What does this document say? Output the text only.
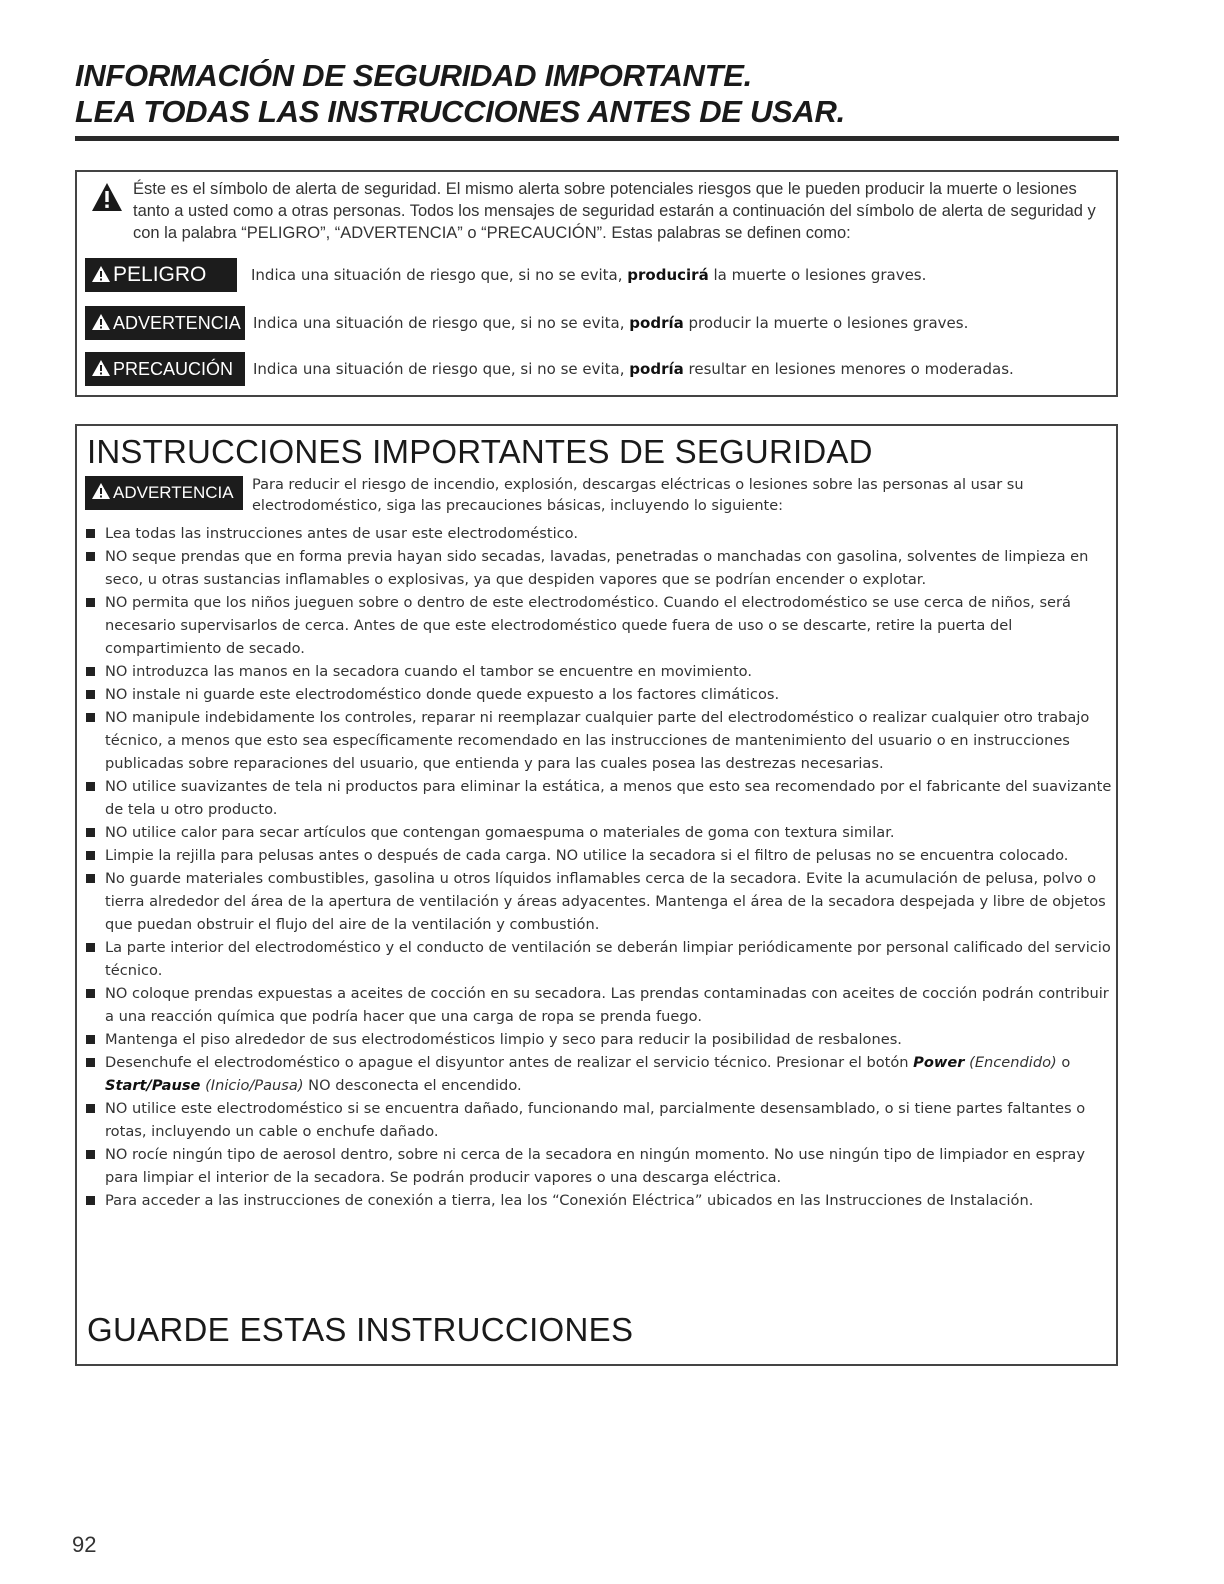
INFORMACIÓN DE SEGURIDAD IMPORTANTE.
LEA TODAS LAS INSTRUCCIONES ANTES DE USAR.
Éste es el símbolo de alerta de seguridad. El mismo alerta sobre potenciales riesgos que le pueden producir la muerte o lesiones tanto a usted como a otras personas. Todos los mensajes de seguridad estarán a continuación del símbolo de alerta de seguridad y con la palabra “PELIGRO”, “ADVERTENCIA” o “PRECAUCIÓN”. Estas palabras se definen como:
PELIGRO	Indica una situación de riesgo que, si no se evita, producirá la muerte o lesiones graves.
ADVERTENCIA Indica una situación de riesgo que, si no se evita, podría producir la muerte o lesiones graves.
PRECAUCIÓN	Indica una situación de riesgo que, si no se evita, podría resultar en lesiones menores o moderadas.
INSTRUCCIONES IMPORTANTES DE SEGURIDAD
ADVERTENCIA	Para reducir el riesgo de incendio, explosión, descargas eléctricas o lesiones sobre las personas al usar su electrodoméstico, siga las precauciones básicas, incluyendo lo siguiente:
Lea todas las instrucciones antes de usar este electrodoméstico.
NO seque prendas que en forma previa hayan sido secadas, lavadas, penetradas o manchadas con gasolina, solventes de limpieza en seco, u otras sustancias inflamables o explosivas, ya que despiden vapores que se podrían encender o explotar.
NO permita que los niños jueguen sobre o dentro de este electrodoméstico. Cuando el electrodoméstico se use cerca de niños, será necesario supervisarlos de cerca. Antes de que este electrodoméstico quede fuera de uso o se descarte, retire la puerta del compartimiento de secado.
NO introduzca las manos en la secadora cuando el tambor se encuentre en movimiento.
NO instale ni guarde este electrodoméstico donde quede expuesto a los factores climáticos.
NO manipule indebidamente los controles, reparar ni reemplazar cualquier parte del electrodoméstico o realizar cualquier otro trabajo técnico, a menos que esto sea específicamente recomendado en las instrucciones de mantenimiento del usuario o en instrucciones publicadas sobre reparaciones del usuario, que entienda y para las cuales posea las destrezas necesarias.
NO utilice suavizantes de tela ni productos para eliminar la estática, a menos que esto sea recomendado por el fabricante del suavizante de tela u otro producto.
NO utilice calor para secar artículos que contengan gomaespuma o materiales de goma con textura similar.
Limpie la rejilla para pelusas antes o después de cada carga. NO utilice la secadora si el filtro de pelusas no se encuentra colocado.
No guarde materiales combustibles, gasolina u otros líquidos inflamables cerca de la secadora. Evite la acumulación de pelusa, polvo o tierra alrededor del área de la apertura de ventilación y áreas adyacentes. Mantenga el área de la secadora despejada y libre de objetos que puedan obstruir el flujo del aire de la ventilación y combustión.
La parte interior del electrodoméstico y el conducto de ventilación se deberán limpiar periódicamente por personal calificado del servicio técnico.
NO coloque prendas expuestas a aceites de cocción en su secadora. Las prendas contaminadas con aceites de cocción podrán contribuir a una reacción química que podría hacer que una carga de ropa se prenda fuego.
Mantenga el piso alrededor de sus electrodomésticos limpio y seco para reducir la posibilidad de resbalones.
Desenchufe el electrodoméstico o apague el disyuntor antes de realizar el servicio técnico. Presionar el botón Power (Encendido) o Start/Pause (Inicio/Pausa) NO desconecta el encendido.
NO utilice este electrodoméstico si se encuentra dañado, funcionando mal, parcialmente desensamblado, o si tiene partes faltantes o rotas, incluyendo un cable o enchufe dañado.
NO rocíe ningún tipo de aerosol dentro, sobre ni cerca de la secadora en ningún momento. No use ningún tipo de limpiador en espray para limpiar el interior de la secadora. Se podrán producir vapores o una descarga eléctrica.
Para acceder a las instrucciones de conexión a tierra, lea los “Conexión Eléctrica” ubicados en las Instrucciones de Instalación.
GUARDE ESTAS INSTRUCCIONES
92
